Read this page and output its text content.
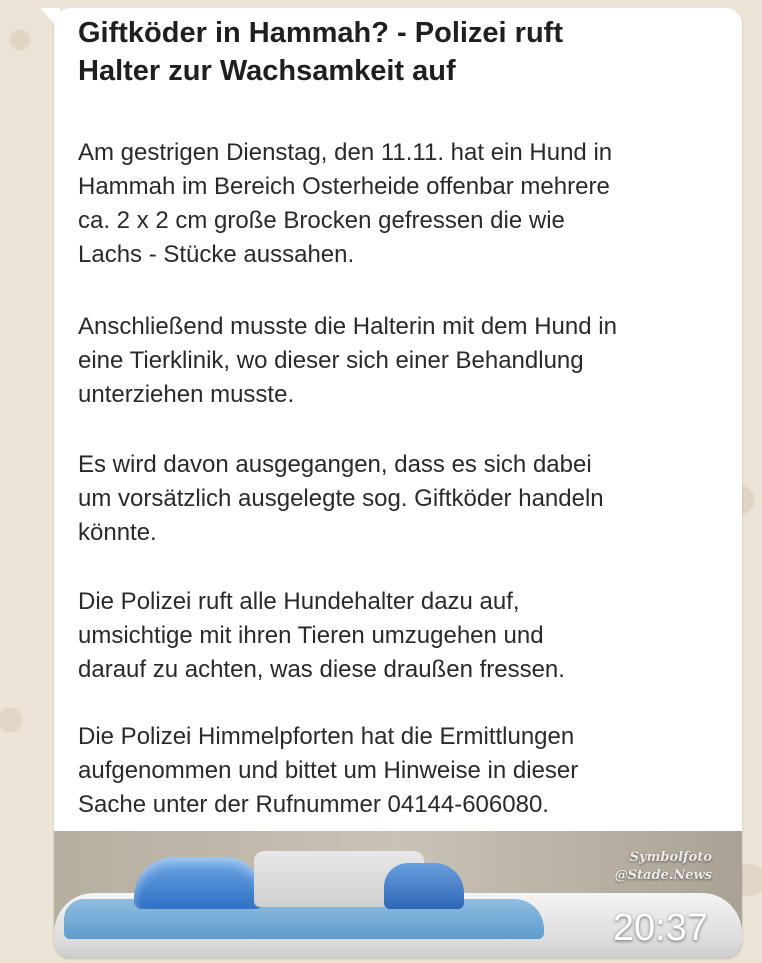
Giftköder in Hammah? - Polizei ruft
Halter zur Wachsamkeit auf

Am gestrigen Dienstag, den 11.11. hat ein Hund in
Hammah im Bereich Osterheide offenbar mehrere
ca. 2 x 2 cm große Brocken gefressen die wie
Lachs - Stücke aussahen.

Anschließend musste die Halterin mit dem Hund in
eine Tierklinik, wo dieser sich einer Behandlung
unterziehen musste.

Es wird davon ausgegangen, dass es sich dabei
um vorsätzlich ausgelegte sog. Giftköder handeln
könnte.

Die Polizei ruft alle Hundehalter dazu auf,
umsichtige mit ihren Tieren umzugehen und
darauf zu achten, was diese draußen fressen.

Die Polizei Himmelpforten hat die Ermittlungen
aufgenommen und bittet um Hinweise in dieser
Sache unter der Rufnummer 04144-606080.

Symbolfoto
@Stade.News
20:37
